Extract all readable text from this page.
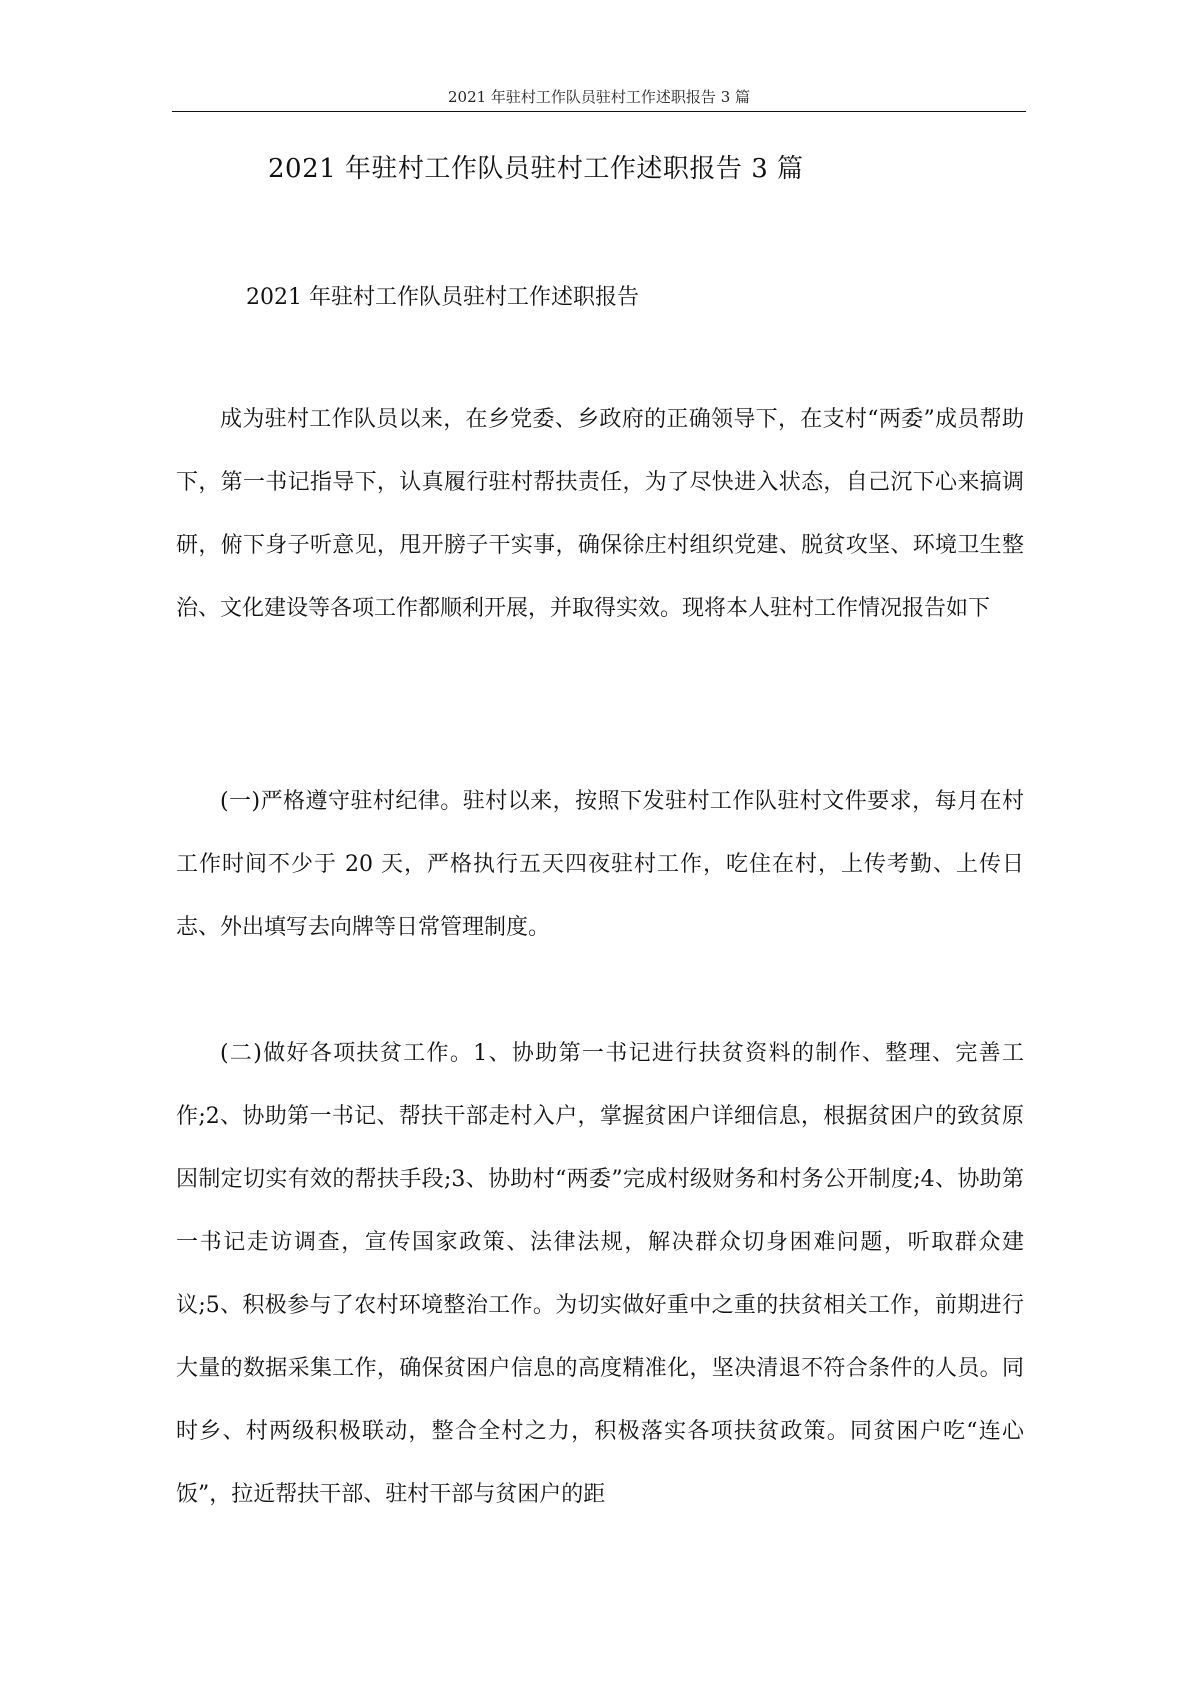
2021 年驻村工作队员驻村工作述职报告 3 篇
2021 年驻村工作队员驻村工作述职报告 3 篇
2021 年驻村工作队员驻村工作述职报告

成为驻村工作队员以来，在乡党委、乡政府的正确领导下，在支村“两委”成员帮助下，第一书记指导下，认真履行驻村帮扶责任，为了尽快进入状态，自己沉下心来搞调研，俯下身子听意见，甩开膀子干实事，确保徐庄村组织党建、脱贫攻坚、环境卫生整治、文化建设等各项工作都顺利开展，并取得实效。现将本人驻村工作情况报告如下

(一)严格遵守驻村纪律。驻村以来，按照下发驻村工作队驻村文件要求，每月在村工作时间不少于 20 天，严格执行五天四夜驻村工作，吃住在村，上传考勤、上传日志、外出填写去向牌等日常管理制度。

(二)做好各项扶贫工作。1、协助第一书记进行扶贫资料的制作、整理、完善工作;2、协助第一书记、帮扶干部走村入户，掌握贫困户详细信息，根据贫困户的致贫原因制定切实有效的帮扶手段;3、协助村“两委”完成村级财务和村务公开制度;4、协助第一书记走访调查，宣传国家政策、法律法规，解决群众切身困难问题，听取群众建议;5、积极参与了农村环境整治工作。为切实做好重中之重的扶贫相关工作，前期进行大量的数据采集工作，确保贫困户信息的高度精准化，坚决清退不符合条件的人员。同时乡、村两级积极联动，整合全村之力，积极落实各项扶贫政策。同贫困户吃“连心饭”，拉近帮扶干部、驻村干部与贫困户的距
